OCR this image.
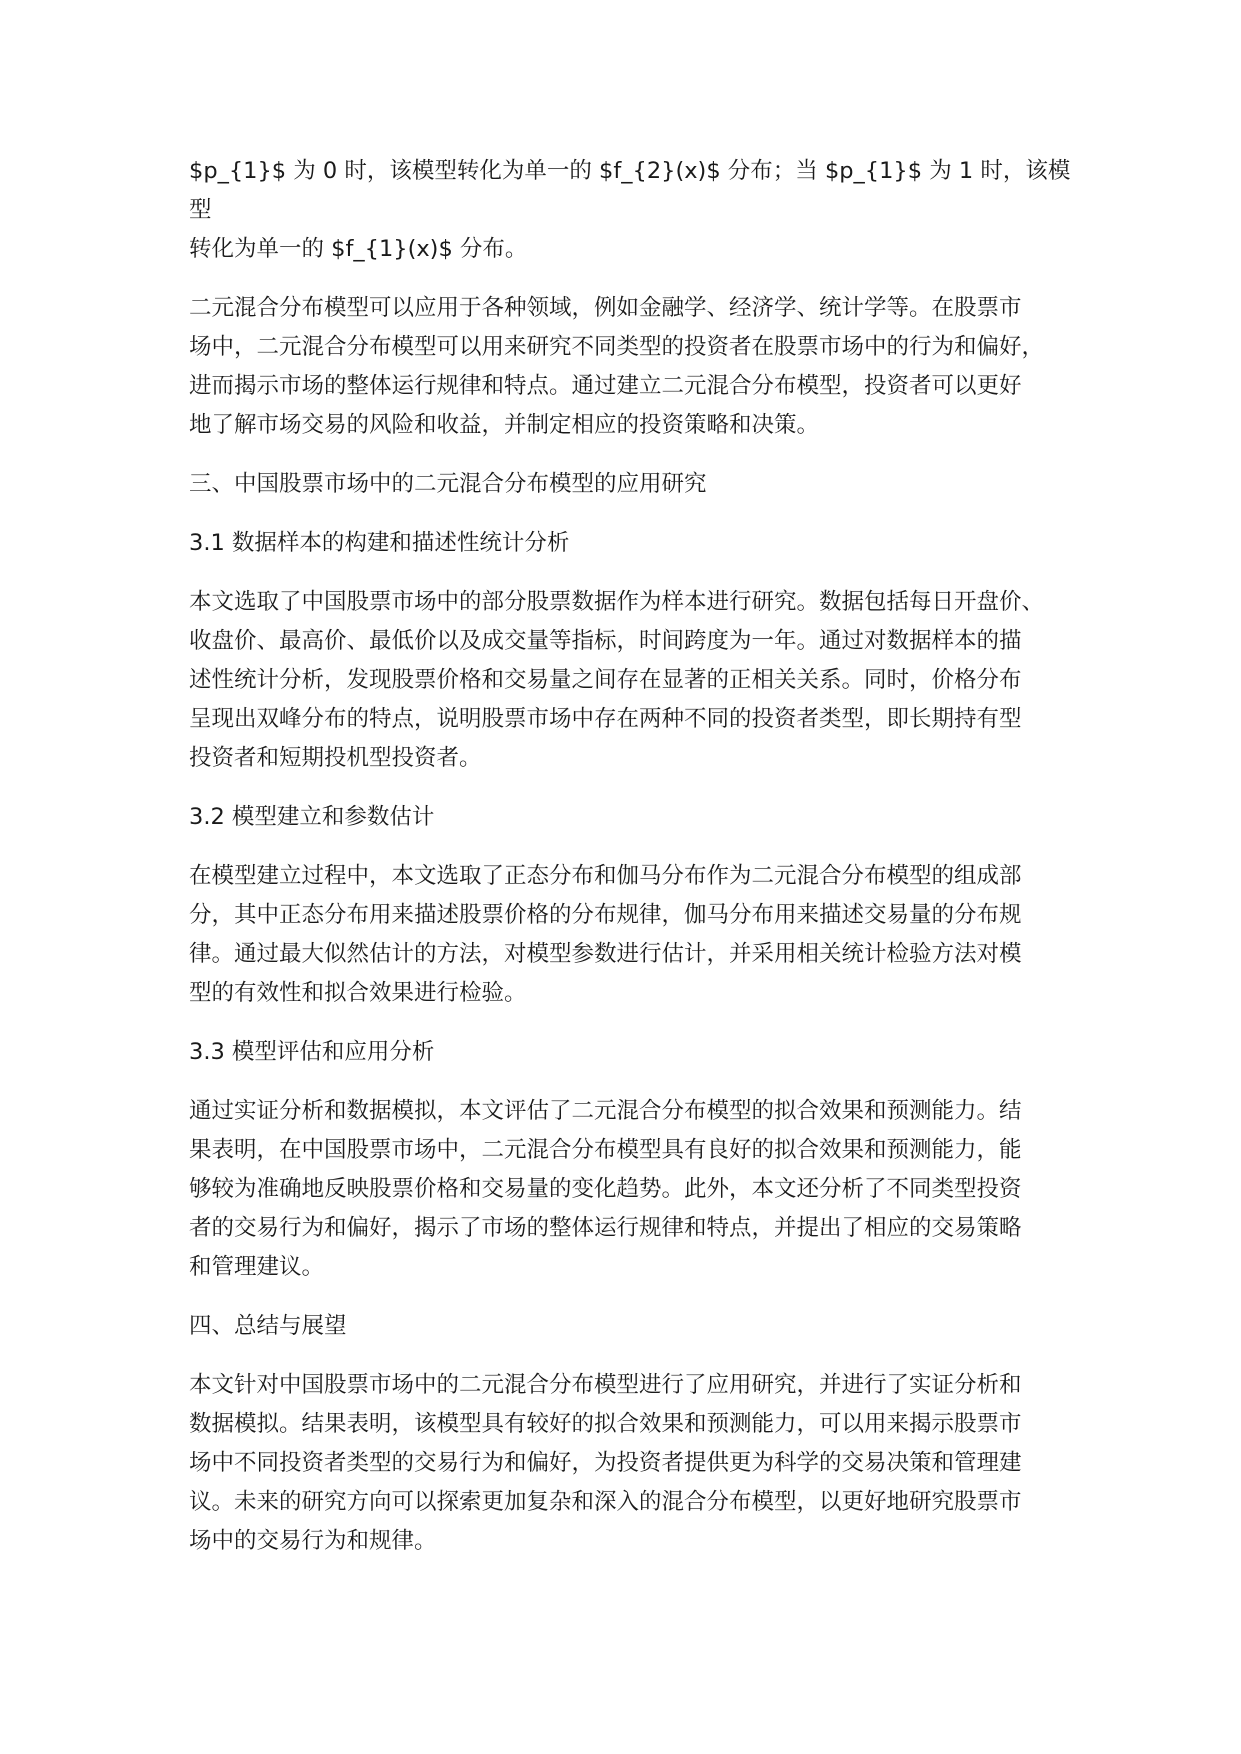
$p_{1}$ 为 0 时，该模型转化为单一的 $f_{2}(x)$ 分布；当 $p_{1}$ 为 1 时，该模型
转化为单一的 $f_{1}(x)$ 分布。
二元混合分布模型可以应用于各种领域，例如金融学、经济学、统计学等。在股票市
场中，二元混合分布模型可以用来研究不同类型的投资者在股票市场中的行为和偏好，
进而揭示市场的整体运行规律和特点。通过建立二元混合分布模型，投资者可以更好
地了解市场交易的风险和收益，并制定相应的投资策略和决策。
三、中国股票市场中的二元混合分布模型的应用研究
3.1 数据样本的构建和描述性统计分析
本文选取了中国股票市场中的部分股票数据作为样本进行研究。数据包括每日开盘价、
收盘价、最高价、最低价以及成交量等指标，时间跨度为一年。通过对数据样本的描
述性统计分析，发现股票价格和交易量之间存在显著的正相关关系。同时，价格分布
呈现出双峰分布的特点，说明股票市场中存在两种不同的投资者类型，即长期持有型
投资者和短期投机型投资者。
3.2 模型建立和参数估计
在模型建立过程中，本文选取了正态分布和伽马分布作为二元混合分布模型的组成部
分，其中正态分布用来描述股票价格的分布规律，伽马分布用来描述交易量的分布规
律。通过最大似然估计的方法，对模型参数进行估计，并采用相关统计检验方法对模
型的有效性和拟合效果进行检验。
3.3 模型评估和应用分析
通过实证分析和数据模拟，本文评估了二元混合分布模型的拟合效果和预测能力。结
果表明，在中国股票市场中，二元混合分布模型具有良好的拟合效果和预测能力，能
够较为准确地反映股票价格和交易量的变化趋势。此外，本文还分析了不同类型投资
者的交易行为和偏好，揭示了市场的整体运行规律和特点，并提出了相应的交易策略
和管理建议。
四、总结与展望
本文针对中国股票市场中的二元混合分布模型进行了应用研究，并进行了实证分析和
数据模拟。结果表明，该模型具有较好的拟合效果和预测能力，可以用来揭示股票市
场中不同投资者类型的交易行为和偏好，为投资者提供更为科学的交易决策和管理建
议。未来的研究方向可以探索更加复杂和深入的混合分布模型，以更好地研究股票市
场中的交易行为和规律。
